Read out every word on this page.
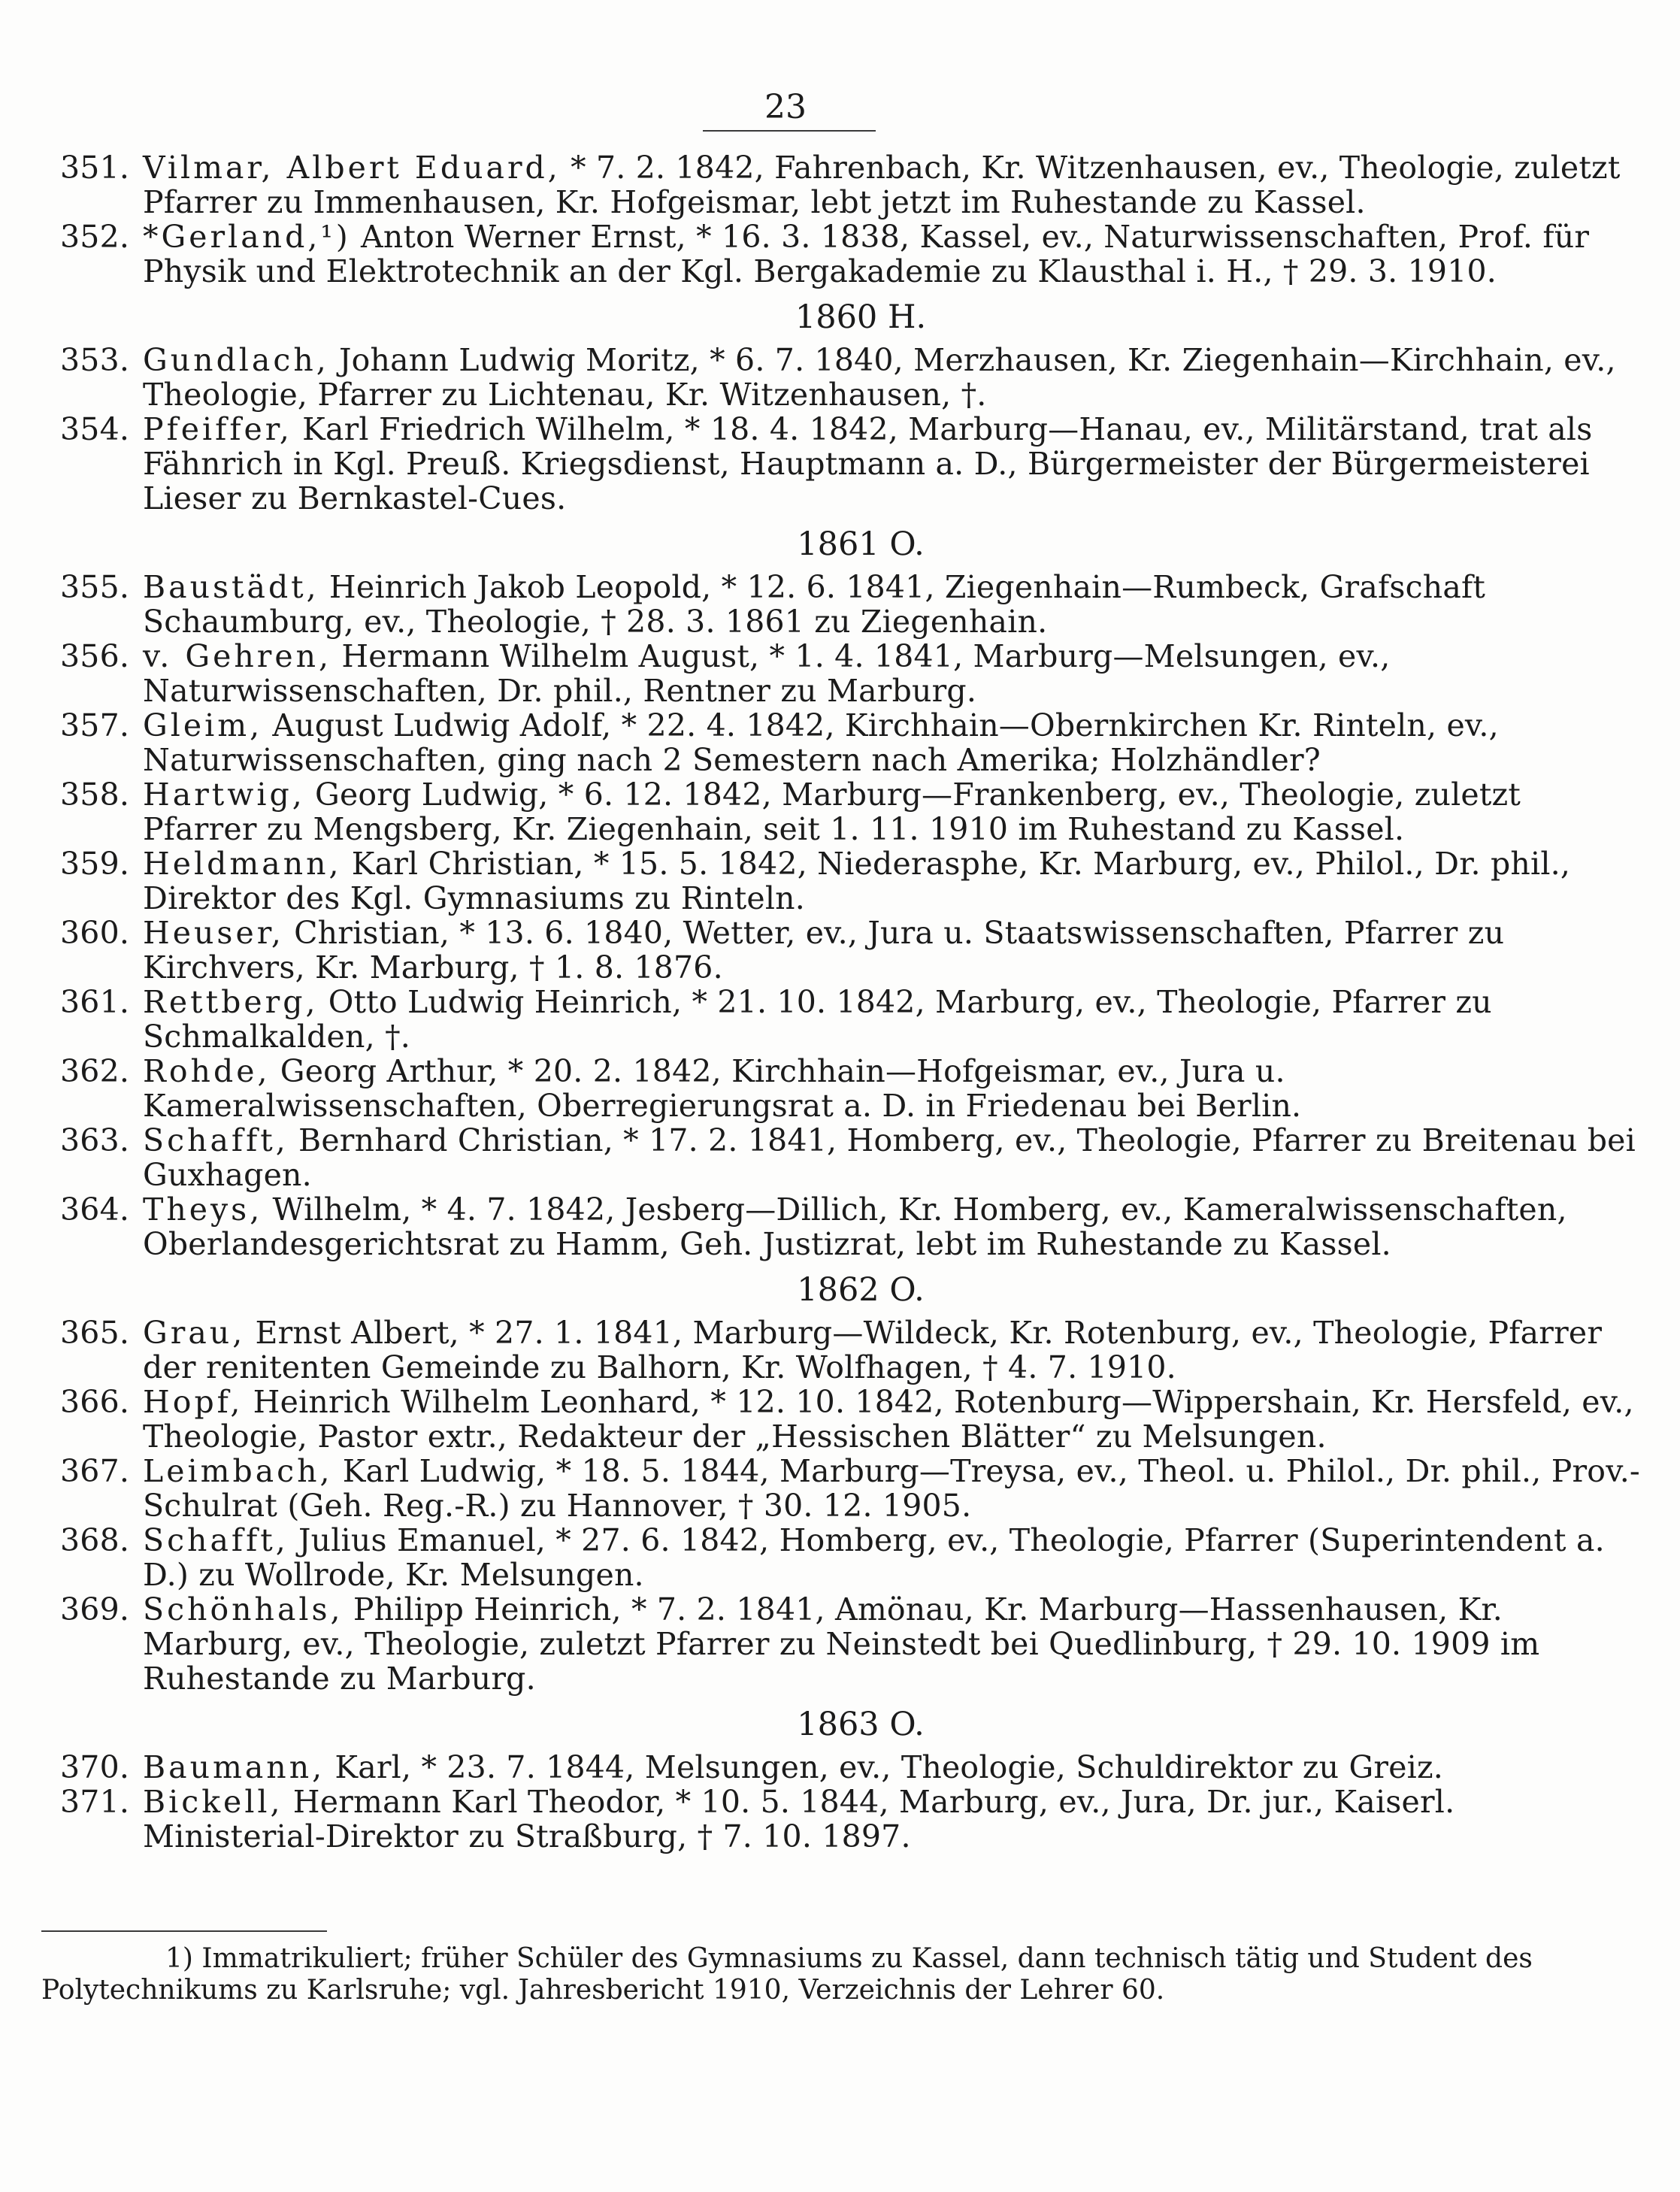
23
351. Vilmar, Albert Eduard, * 7. 2. 1842, Fahrenbach, Kr. Witzenhausen, ev., Theologie, zuletzt Pfarrer zu Immenhausen, Kr. Hofgeismar, lebt jetzt im Ruhestande zu Kassel.
352. *Gerland,¹) Anton Werner Ernst, * 16. 3. 1838, Kassel, ev., Naturwissenschaften, Prof. für Physik und Elektrotechnik an der Kgl. Bergakademie zu Klausthal i. H., † 29. 3. 1910.
1860 H.
353. Gundlach, Johann Ludwig Moritz, * 6. 7. 1840, Merzhausen, Kr. Ziegenhain—Kirchhain, ev., Theologie, Pfarrer zu Lichtenau, Kr. Witzenhausen, †.
354. Pfeiffer, Karl Friedrich Wilhelm, * 18. 4. 1842, Marburg—Hanau, ev., Militärstand, trat als Fähnrich in Kgl. Preuß. Kriegsdienst, Hauptmann a. D., Bürgermeister der Bürgermeisterei Lieser zu Bernkastel-Cues.
1861 O.
355. Baustädt, Heinrich Jakob Leopold, * 12. 6. 1841, Ziegenhain—Rumbeck, Grafschaft Schaumburg, ev., Theologie, † 28. 3. 1861 zu Ziegenhain.
356. v. Gehren, Hermann Wilhelm August, * 1. 4. 1841, Marburg—Melsungen, ev., Naturwissenschaften, Dr. phil., Rentner zu Marburg.
357. Gleim, August Ludwig Adolf, * 22. 4. 1842, Kirchhain—Obernkirchen Kr. Rinteln, ev., Naturwissenschaften, ging nach 2 Semestern nach Amerika; Holzhändler?
358. Hartwig, Georg Ludwig, * 6. 12. 1842, Marburg—Frankenberg, ev., Theologie, zuletzt Pfarrer zu Mengsberg, Kr. Ziegenhain, seit 1. 11. 1910 im Ruhestand zu Kassel.
359. Heldmann, Karl Christian, * 15. 5. 1842, Niederasphe, Kr. Marburg, ev., Philol., Dr. phil., Direktor des Kgl. Gymnasiums zu Rinteln.
360. Heuser, Christian, * 13. 6. 1840, Wetter, ev., Jura u. Staatswissenschaften, Pfarrer zu Kirchvers, Kr. Marburg, † 1. 8. 1876.
361. Rettberg, Otto Ludwig Heinrich, * 21. 10. 1842, Marburg, ev., Theologie, Pfarrer zu Schmalkalden, †.
362. Rohde, Georg Arthur, * 20. 2. 1842, Kirchhain—Hofgeismar, ev., Jura u. Kameralwissenschaften, Oberregierungsrat a. D. in Friedenau bei Berlin.
363. Schafft, Bernhard Christian, * 17. 2. 1841, Homberg, ev., Theologie, Pfarrer zu Breitenau bei Guxhagen.
364. Theys, Wilhelm, * 4. 7. 1842, Jesberg—Dillich, Kr. Homberg, ev., Kameralwissenschaften, Oberlandesgerichtsrat zu Hamm, Geh. Justizrat, lebt im Ruhestande zu Kassel.
1862 O.
365. Grau, Ernst Albert, * 27. 1. 1841, Marburg—Wildeck, Kr. Rotenburg, ev., Theologie, Pfarrer der renitenten Gemeinde zu Balhorn, Kr. Wolfhagen, † 4. 7. 1910.
366. Hopf, Heinrich Wilhelm Leonhard, * 12. 10. 1842, Rotenburg—Wippershain, Kr. Hersfeld, ev., Theologie, Pastor extr., Redakteur der „Hessischen Blätter“ zu Melsungen.
367. Leimbach, Karl Ludwig, * 18. 5. 1844, Marburg—Treysa, ev., Theol. u. Philol., Dr. phil., Prov.-Schulrat (Geh. Reg.-R.) zu Hannover, † 30. 12. 1905.
368. Schafft, Julius Emanuel, * 27. 6. 1842, Homberg, ev., Theologie, Pfarrer (Superintendent a. D.) zu Wollrode, Kr. Melsungen.
369. Schönhals, Philipp Heinrich, * 7. 2. 1841, Amönau, Kr. Marburg—Hassenhausen, Kr. Marburg, ev., Theologie, zuletzt Pfarrer zu Neinstedt bei Quedlinburg, † 29. 10. 1909 im Ruhestande zu Marburg.
1863 O.
370. Baumann, Karl, * 23. 7. 1844, Melsungen, ev., Theologie, Schuldirektor zu Greiz.
371. Bickell, Hermann Karl Theodor, * 10. 5. 1844, Marburg, ev., Jura, Dr. jur., Kaiserl. Ministerial-Direktor zu Straßburg, † 7. 10. 1897.
1) Immatrikuliert; früher Schüler des Gymnasiums zu Kassel, dann technisch tätig und Student des Polytechnikums zu Karlsruhe; vgl. Jahresbericht 1910, Verzeichnis der Lehrer 60.
